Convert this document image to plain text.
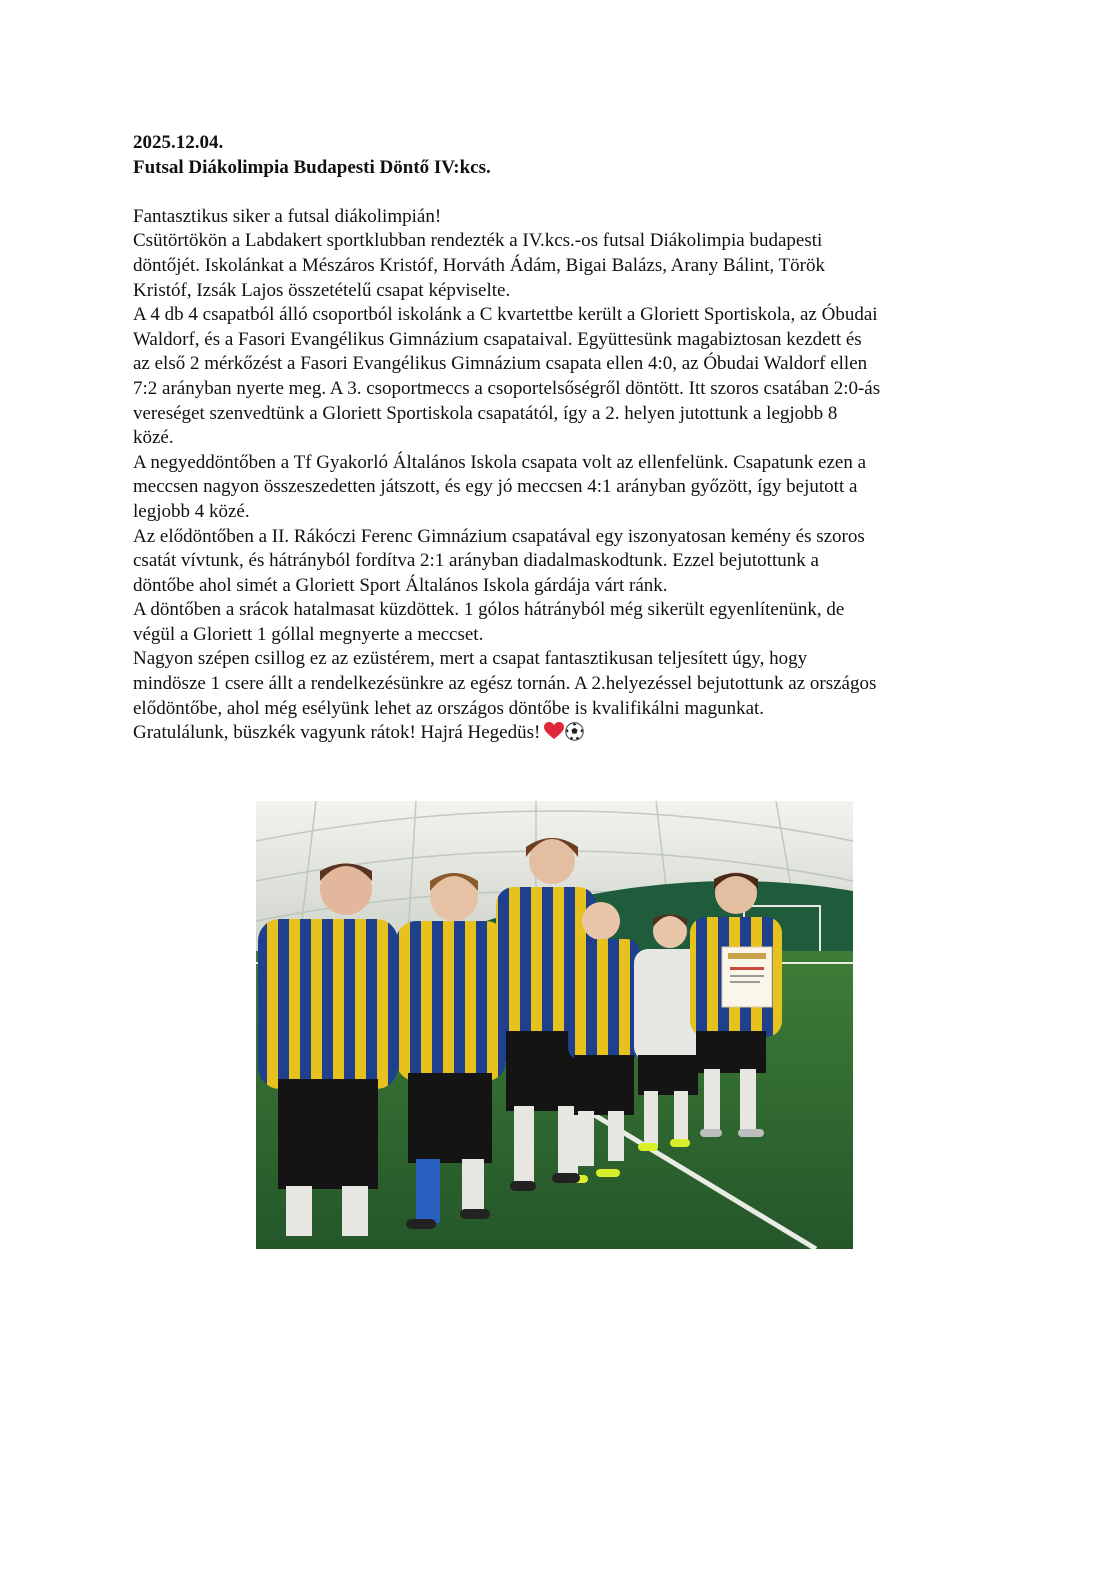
2025.12.04.
Futsal Diákolimpia Budapesti Döntő IV:kcs.
Fantasztikus siker a futsal diákolimpián!
Csütörtökön a Labdakert sportklubban rendezték a IV.kcs.-os futsal Diákolimpia budapesti
döntőjét. Iskolánkat a Mészáros Kristóf, Horváth Ádám, Bigai Balázs, Arany Bálint, Török
Kristóf, Izsák Lajos összetételű csapat képviselte.
A 4 db 4 csapatból álló csoportból iskolánk a C kvartettbe került a Gloriett Sportiskola, az Óbudai
Waldorf, és a Fasori Evangélikus Gimnázium csapataival. Együttesünk magabiztosan kezdett és
az első 2 mérkőzést a Fasori Evangélikus Gimnázium csapata ellen 4:0, az Óbudai Waldorf ellen
7:2 arányban nyerte meg. A 3. csoportmeccs a csoportelsőségről döntött. Itt szoros csatában 2:0-ás
vereséget szenvedtünk a Gloriett Sportiskola csapatától, így a 2. helyen jutottunk a legjobb 8
közé.
A negyeddöntőben a Tf Gyakorló Általános Iskola csapata volt az ellenfelünk. Csapatunk ezen a
meccsen nagyon összeszedetten játszott, és egy jó meccsen 4:1 arányban győzött, így bejutott a
legjobb 4 közé.
Az elődöntőben a II. Rákóczi Ferenc Gimnázium csapatával egy iszonyatosan kemény és szoros
csatát vívtunk, és hátrányból fordítva 2:1 arányban diadalmaskodtunk. Ezzel bejutottunk a
döntőbe ahol simét a Gloriett Sport Általános Iskola gárdája várt ránk.
A döntőben a srácok hatalmasat küzdöttek. 1 gólos hátrányból még sikerült egyenlítenünk, de
végül a Gloriett 1 góllal megnyerte a meccset.
Nagyon szépen csillog ez az ezüstérem, mert a csapat fantasztikusan teljesített úgy, hogy
mindösze 1 csere állt a rendelkezésünkre az egész tornán. A 2.helyezéssel bejutottunk az országos
elődöntőbe, ahol még esélyünk lehet az országos döntőbe is kvalifikálni magunkat.
Gratulálunk, büszkék vagyunk rátok! Hajrá Hegedüs!
